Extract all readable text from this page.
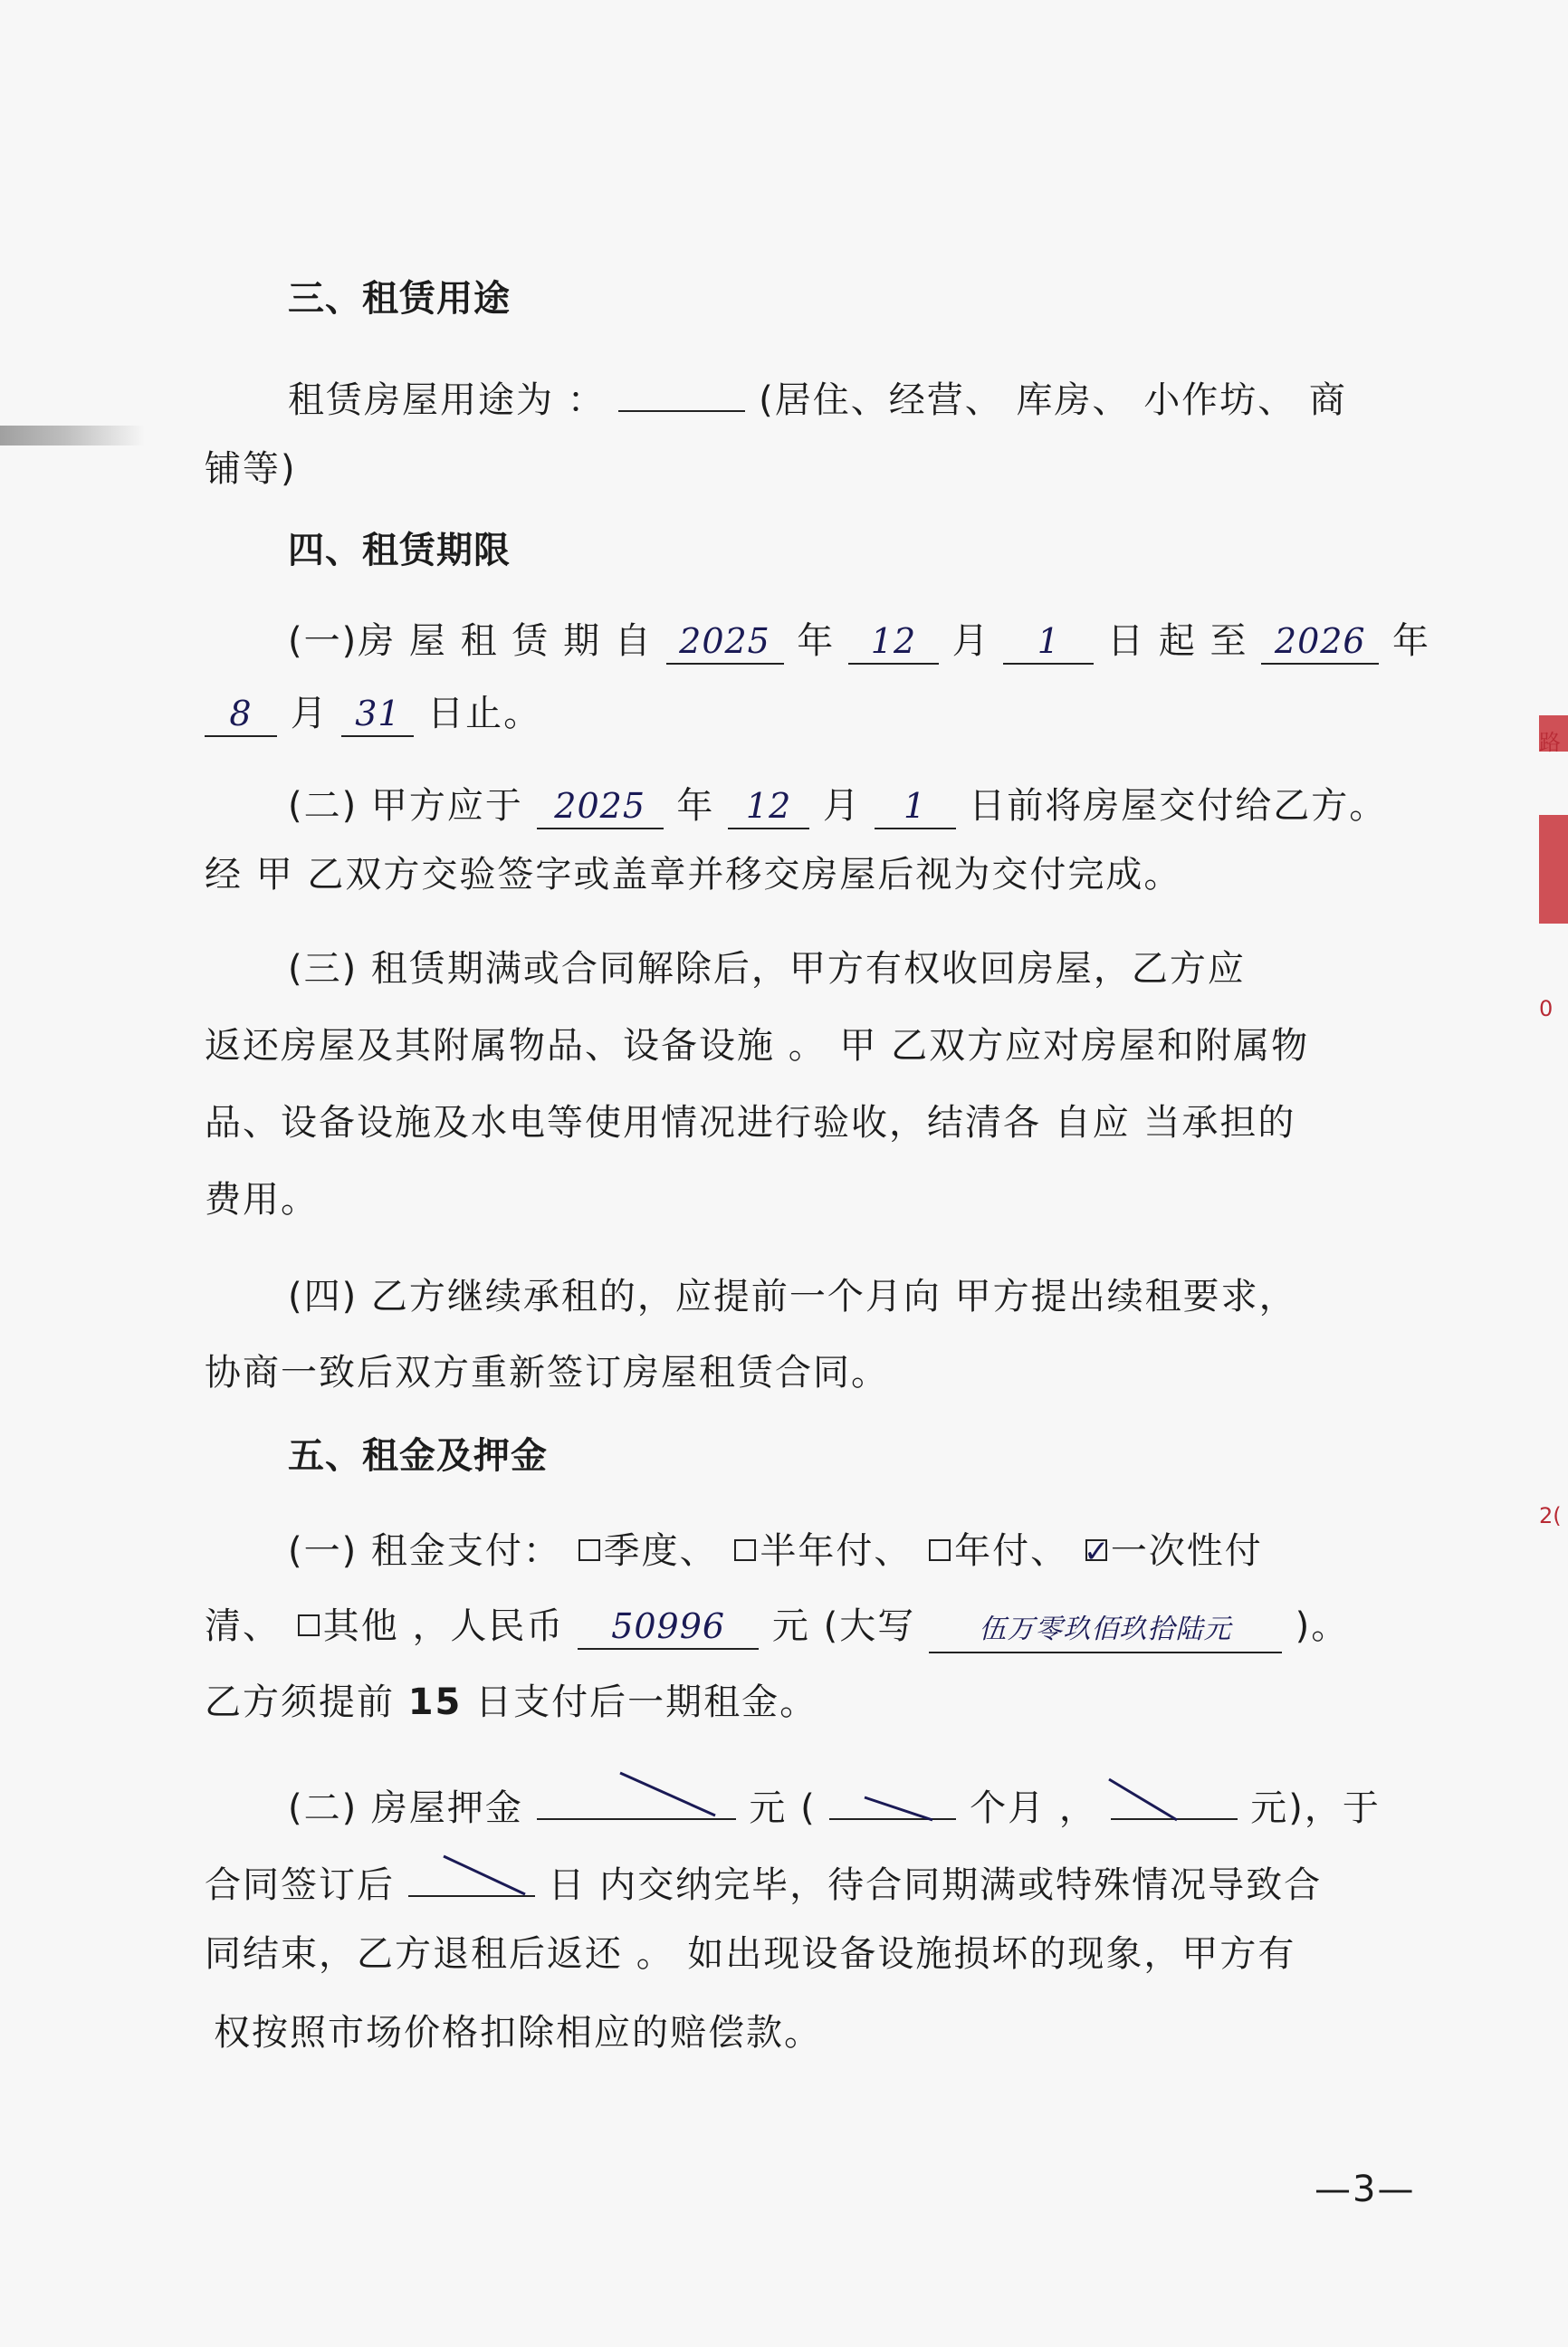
三、租赁用途
租赁房屋用途为 ：	(居住、经营、 库房、 小作坊、 商
铺等)
四、租赁期限
(一)房 屋 租 赁 期 自 2025 年 12 月 1 日 起 至 2026 年
8 月 31 日止。
(二) 甲方应于 2025 年 12 月 1 日前将房屋交付给乙方。
经 甲 乙双方交验签字或盖章并移交房屋后视为交付完成。
(三) 租赁期满或合同解除后，甲方有权收回房屋，乙方应
返还房屋及其附属物品、设备设施 。 甲 乙双方应对房屋和附属物
品、设备设施及水电等使用情况进行验收，结清各 自应 当承担的
费用。
(四) 乙方继续承租的，应提前一个月向 甲方提出续租要求，
协商一致后双方重新签订房屋租赁合同。
五、租金及押金
(一) 租金支付： 季度、 半年付、 年付、 ✓ 一次性付
清、 其他 ，人民币 50996 元 (大写 伍万零玖佰玖拾陆元 )。
乙方须提前 15 日支付后一期租金。
(二) 房屋押金	元 (	个月 ，	元)，于
合同签订后	日 内交纳完毕，待合同期满或特殊情况导致合
同结束，乙方退租后返还 。 如出现设备设施损坏的现象，甲方有
权按照市场价格扣除相应的赔偿款。
路
0
2(
—3—
